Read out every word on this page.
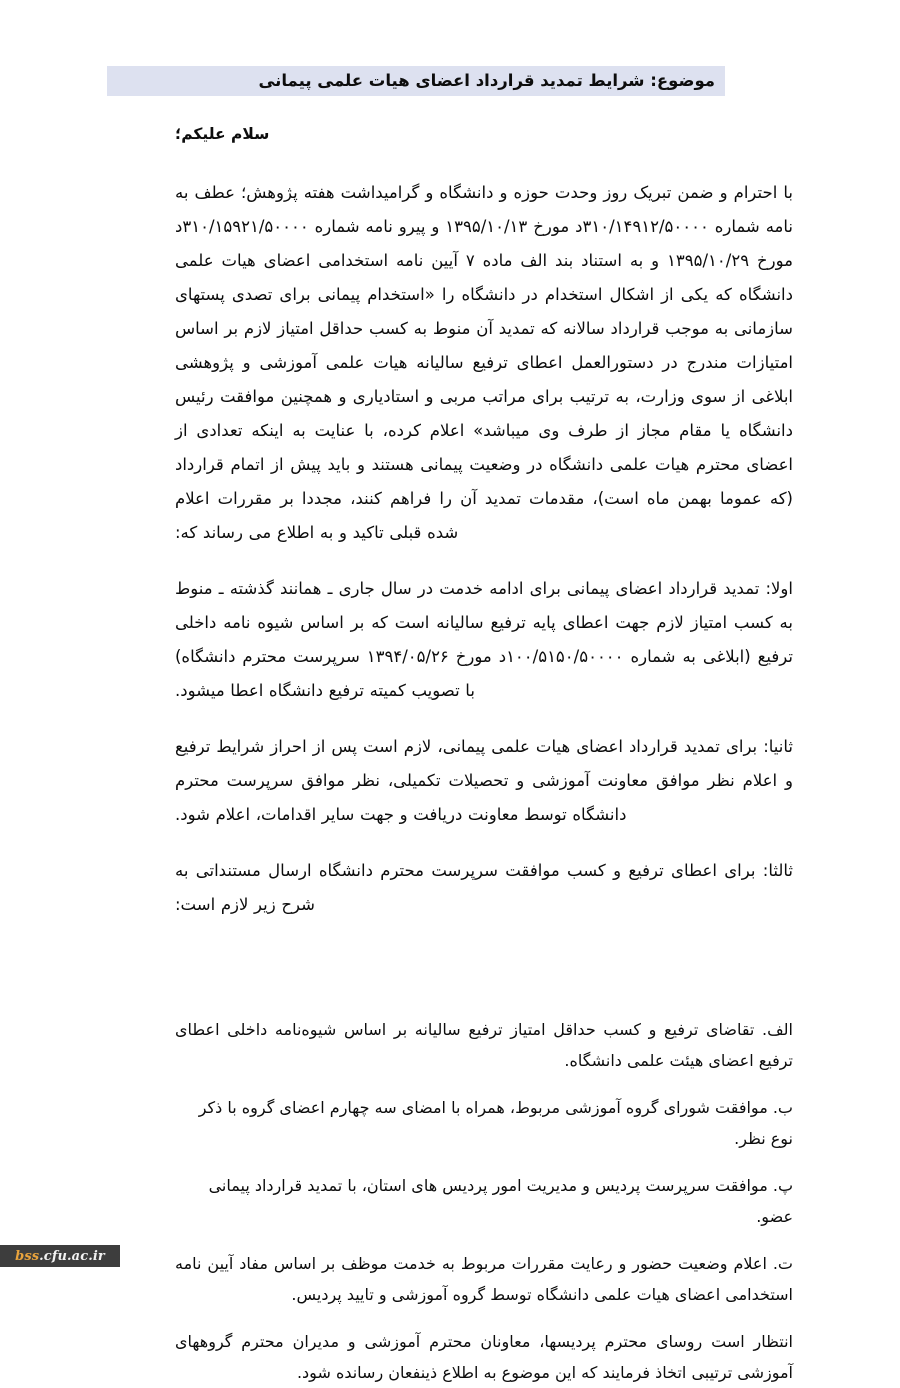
موضوع: شرایط تمدید قرارداد اعضای هیات علمی پیمانی
سلام علیکم؛

با احترام و ضمن تبریک روز وحدت حوزه و دانشگاه و گرامیداشت هفته پژوهش؛ عطف به نامه شماره ۳۱۰/۱۴۹۱۲/۵۰۰۰۰د مورخ ۱۳۹۵/۱۰/۱۳ و پیرو نامه شماره ۳۱۰/۱۵۹۲۱/۵۰۰۰۰د مورخ ۱۳۹۵/۱۰/۲۹ و به استناد بند الف ماده ۷ آیین نامه استخدامی اعضای هیات علمی دانشگاه که یکی از اشکال استخدام در دانشگاه را «استخدام پیمانی برای تصدی پستهای سازمانی به موجب قرارداد سالانه که تمدید آن منوط به کسب حداقل امتیاز لازم بر اساس امتیازات مندرج در دستورالعمل اعطای ترفیع سالیانه هیات علمی آموزشی و پژوهشی ابلاغی از سوی وزارت، به ترتیب برای مراتب مربی و استادیاری و همچنین موافقت رئیس دانشگاه یا مقام مجاز از طرف وی میباشد» اعلام کرده، با عنایت به اینکه تعدادی از اعضای محترم هیات علمی دانشگاه در وضعیت پیمانی هستند و باید پیش از اتمام قرارداد (که عموما بهمن ماه است)، مقدمات تمدید آن را فراهم کنند، مجددا بر مقررات اعلام شده قبلی تاکید و به اطلاع می رساند که:

اولا: تمدید قرارداد اعضای پیمانی برای ادامه خدمت در سال جاری ـ همانند گذشته ـ منوط به کسب امتیاز لازم جهت اعطای پایه ترفیع سالیانه است که بر اساس شیوه نامه داخلی ترفیع (ابلاغی به شماره ۱۰۰/۵۱۵۰/۵۰۰۰۰د مورخ ۱۳۹۴/۰۵/۲۶ سرپرست محترم دانشگاه) با تصویب کمیته ترفیع دانشگاه اعطا میشود.

ثانیا: برای تمدید قرارداد اعضای هیات علمی پیمانی، لازم است پس از احراز شرایط ترفیع و اعلام نظر موافق معاونت آموزشی و تحصیلات تکمیلی، نظر موافق سرپرست محترم دانشگاه توسط معاونت دریافت و جهت سایر اقدامات، اعلام شود.

ثالثا: برای اعطای ترفیع و کسب موافقت سرپرست محترم دانشگاه ارسال مستنداتی به شرح زیر لازم است:

الف. تقاضای ترفیع و کسب حداقل امتیاز ترفیع سالیانه بر اساس شیوه‌نامه داخلی اعطای ترفیع اعضای هیئت علمی دانشگاه.

ب. موافقت شورای گروه آموزشی مربوط، همراه با امضای سه چهارم اعضای گروه با ذکر نوع نظر.

پ. موافقت سرپرست پردیس و مدیریت امور پردیس های استان، با تمدید قرارداد پیمانی عضو.

ت. اعلام وضعیت حضور و رعایت مقررات مربوط به خدمت موظف بر اساس مفاد آیین نامه استخدامی اعضای هیات علمی دانشگاه توسط گروه آموزشی و تایید پردیس.

انتظار است روسای محترم پردیسها، معاونان محترم آموزشی و مدیران محترم گروههای آموزشی ترتیبی اتخاذ فرمایند که این موضوع به اطلاع ذینفعان رسانده شود.

bss.cfu.ac.ir
